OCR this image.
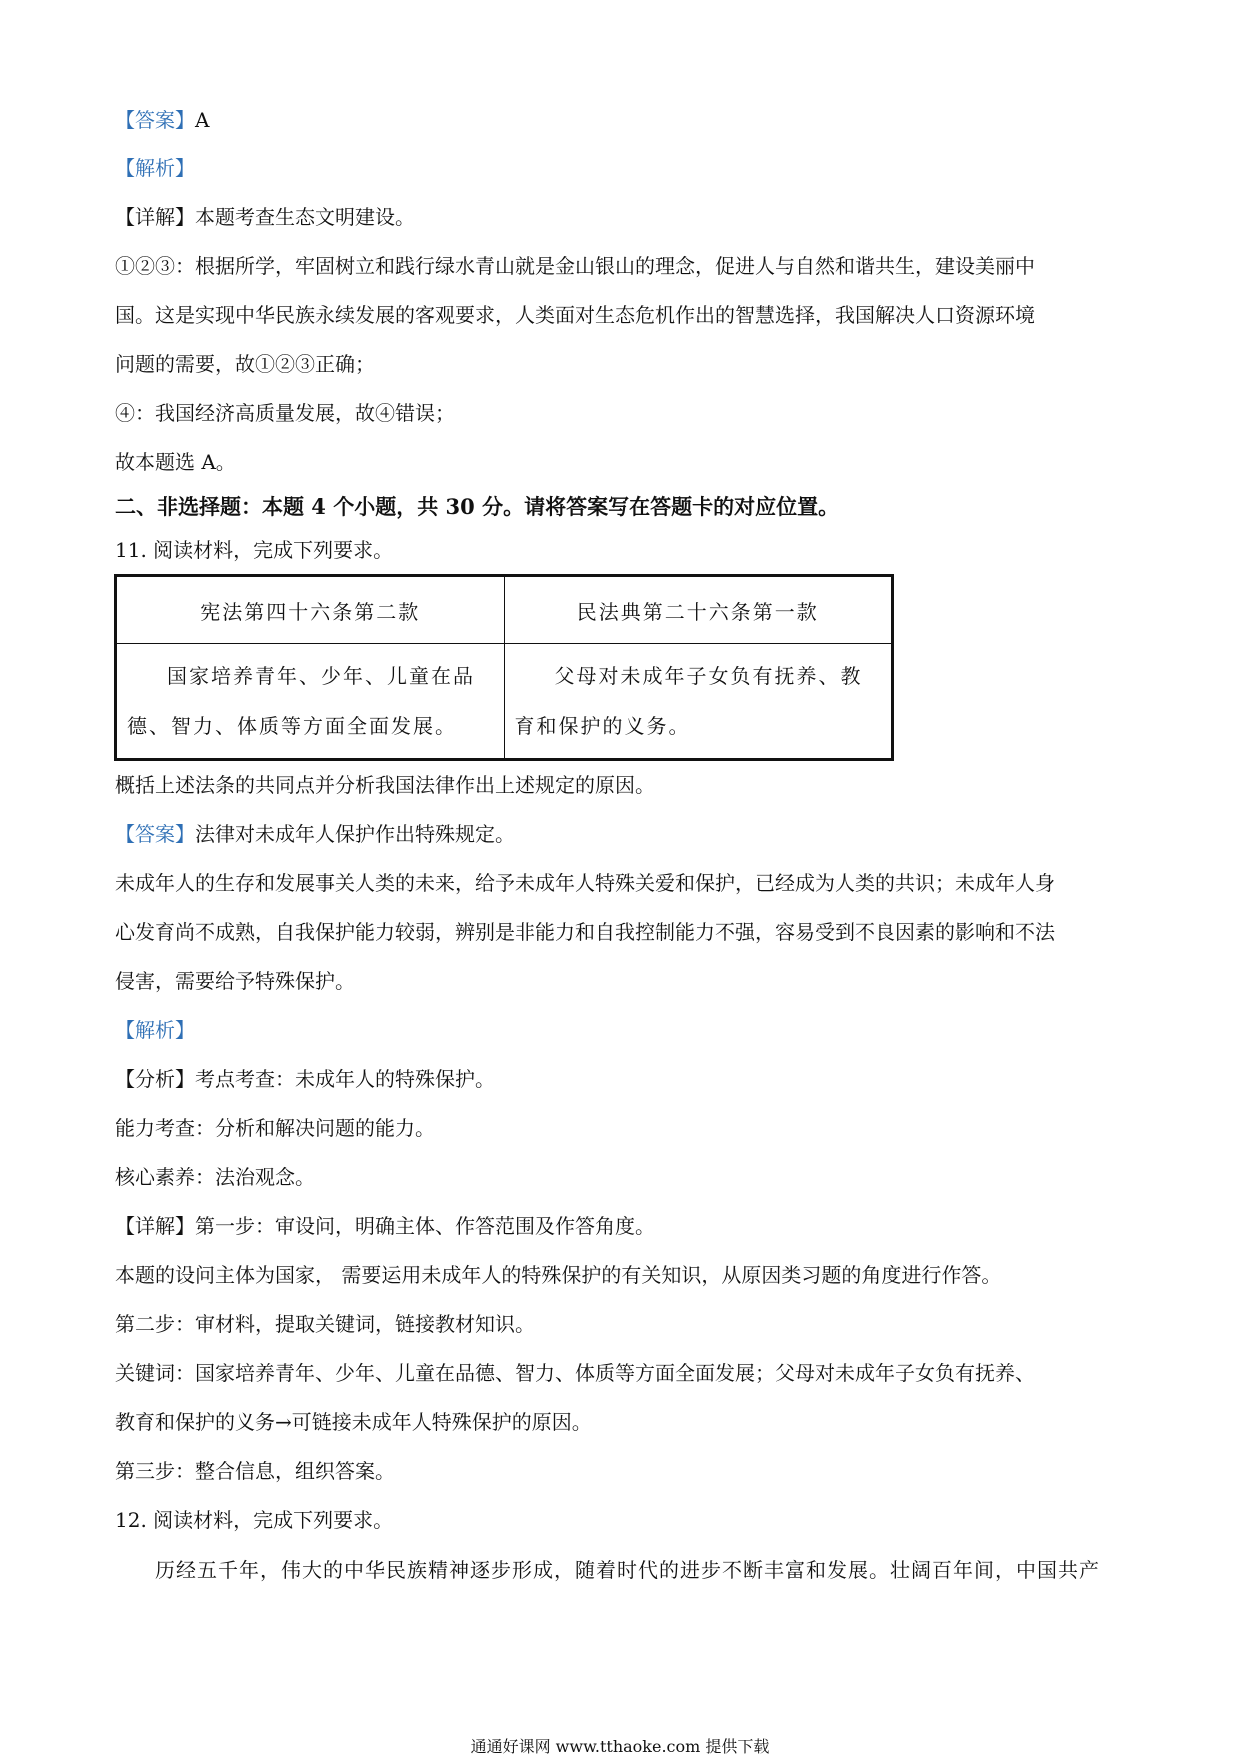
【答案】A
【解析】
【详解】本题考查生态文明建设。
①②③：根据所学，牢固树立和践行绿水青山就是金山银山的理念，促进人与自然和谐共生，建设美丽中
国。这是实现中华民族永续发展的客观要求，人类面对生态危机作出的智慧选择，我国解决人口资源环境
问题的需要，故①②③正确；
④：我国经济高质量发展，故④错误；
故本题选 A。
二、非选择题：本题 4 个小题，共 30 分。请将答案写在答题卡的对应位置。
11. 阅读材料，完成下列要求。
宪法第四十六条第二款	民法典第二十六条第一款

国家培养青年、少年、儿童在品德、智力、体质等方面全面发展。	父母对未成年子女负有抚养、教育和保护的义务。
概括上述法条的共同点并分析我国法律作出上述规定的原因。
【答案】法律对未成年人保护作出特殊规定。
未成年人的生存和发展事关人类的未来，给予未成年人特殊关爱和保护，已经成为人类的共识；未成年人身
心发育尚不成熟，自我保护能力较弱，辨别是非能力和自我控制能力不强，容易受到不良因素的影响和不法
侵害，需要给予特殊保护。
【解析】
【分析】考点考查：未成年人的特殊保护。
能力考查：分析和解决问题的能力。
核心素养：法治观念。
【详解】第一步：审设问，明确主体、作答范围及作答角度。
本题的设问主体为国家， 需要运用未成年人的特殊保护的有关知识，从原因类习题的角度进行作答。
第二步：审材料，提取关键词，链接教材知识。
关键词：国家培养青年、少年、儿童在品德、智力、体质等方面全面发展；父母对未成年子女负有抚养、
教育和保护的义务→可链接未成年人特殊保护的原因。
第三步：整合信息，组织答案。
12. 阅读材料，完成下列要求。
历经五千年，伟大的中华民族精神逐步形成，随着时代的进步不断丰富和发展。壮阔百年间，中国共产
通通好课网 www.tthaoke.com 提供下载
